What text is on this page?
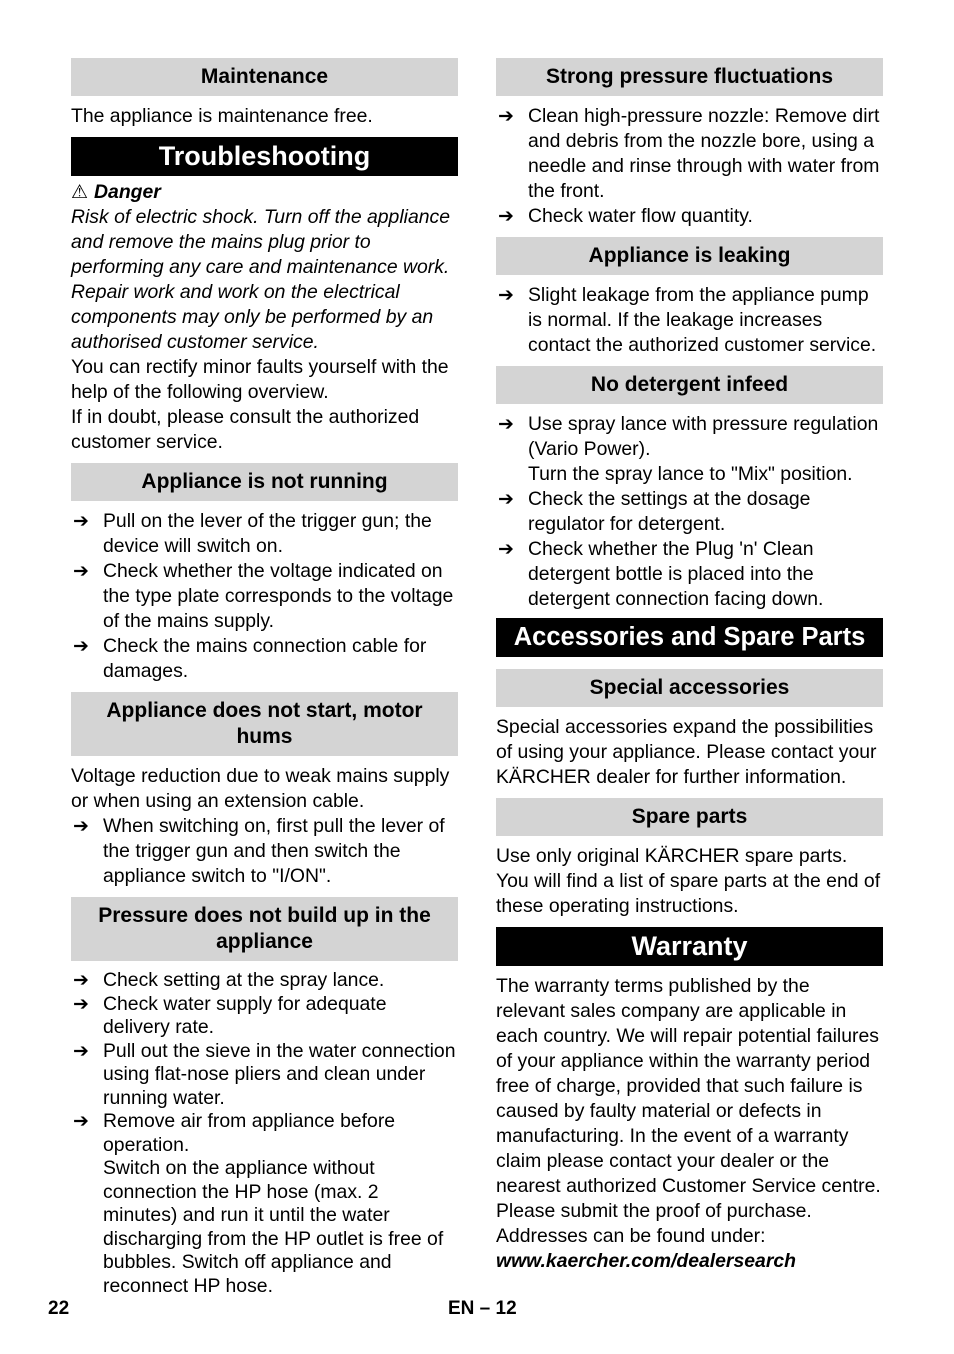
Maintenance

The appliance is maintenance free.

Troubleshooting

⚠ Danger

Risk of electric shock. Turn off the appliance and remove the mains plug prior to performing any care and maintenance work.

Repair work and work on the electrical components may only be performed by an authorised customer service.

You can rectify minor faults yourself with the help of the following overview.

If in doubt, please consult the authorized customer service.

Appliance is not running
➔ Pull on the lever of the trigger gun; the device will switch on.
➔ Check whether the voltage indicated on the type plate corresponds to the voltage of the mains supply.
➔ Check the mains connection cable for damages.
Appliance does not start, motor hums

Voltage reduction due to weak mains supply or when using an extension cable.

➔ When switching on, first pull the lever of the trigger gun and then switch the appliance switch to "I/ON".
Pressure does not build up in the appliance
➔ Check setting at the spray lance.
➔ Check water supply for adequate delivery rate.
➔ Pull out the sieve in the water connection using flat-nose pliers and clean under running water.
➔ Remove air from appliance before operation.
Switch on the appliance without connection the HP hose (max. 2 minutes) and run it until the water discharging from the HP outlet is free of bubbles. Switch off appliance and reconnect HP hose.
Strong pressure fluctuations
➔ Clean high-pressure nozzle: Remove dirt and debris from the nozzle bore, using a needle and rinse through with water from the front.
➔ Check water flow quantity.
Appliance is leaking
➔ Slight leakage from the appliance pump is normal. If the leakage increases contact the authorized customer service.
No detergent infeed
➔ Use spray lance with pressure regulation (Vario Power).
Turn the spray lance to "Mix" position.
➔ Check the settings at the dosage regulator for detergent.
➔ Check whether the Plug 'n' Clean detergent bottle is placed into the detergent connection facing down.
Accessories and Spare Parts
Special accessories

Special accessories expand the possibilities of using your appliance. Please contact your KÄRCHER dealer for further information.

Spare parts

Use only original KÄRCHER spare parts. You will find a list of spare parts at the end of these operating instructions.

Warranty

The warranty terms published by the relevant sales company are applicable in each country. We will repair potential failures of your appliance within the warranty period free of charge, provided that such failure is caused by faulty material or defects in manufacturing. In the event of a warranty claim please contact your dealer or the nearest authorized Customer Service centre. Please submit the proof of purchase.

Addresses can be found under:

www.kaercher.com/dealersearch

22	EN – 12
